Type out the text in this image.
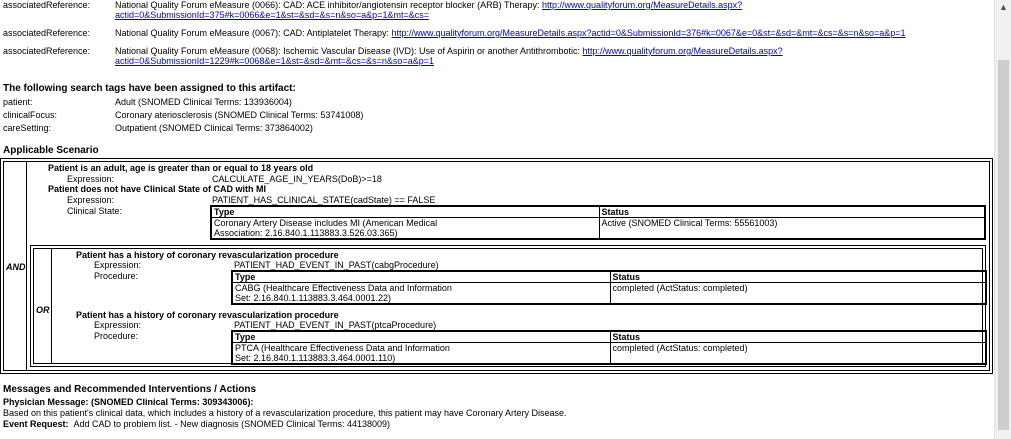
associatedReference:	National Quality Forum eMeasure (0066): CAD: ACE inhibitor/angiotensin receptor blocker (ARB) Therapy: http://www.qualityforum.org/MeasureDetails.aspx?actid=0&SubmissionId=375#k=0066&e=1&st=&sd=&s=n&so=a&p=1&mt=&cs=
associatedReference:	National Quality Forum eMeasure (0067): CAD: Antiplatelet Therapy: http://www.qualityforum.org/MeasureDetails.aspx?actid=0&SubmissionId=376#k=0067&e=0&st=&sd=&mt=&cs=&s=n&so=a&p=1
associatedReference:	National Quality Forum eMeasure (0068): Ischemic Vascular Disease (IVD): Use of Aspirin or another Antithrombotic: http://www.qualityforum.org/MeasureDetails.aspx?actid=0&SubmissionId=1229#k=0068&e=1&st=&sd=&mt=&cs=&s=n&so=a&p=1
The following search tags have been assigned to this artifact:
patient:	Adult (SNOMED Clinical Terms: 133936004)
clinicalFocus:	Coronary ateriosclerosis (SNOMED Clinical Terms: 53741008)
careSetting:	Outpatient (SNOMED Clinical Terms: 373864002)
Applicable Scenario
AND
Patient is an adult, age is greater than or equal to 18 years old
Expression:	CALCULATE_AGE_IN_YEARS(DoB)>=18
Patient does not have Clinical State of CAD with MI
Expression:	PATIENT_HAS_CLINICAL_STATE(cadState) == FALSE
Clinical State:	Type	Status
Coronary Artery Disease includes MI (American Medical
Association: 2.16.840.1.113883.3.526.03.365)	Active (SNOMED Clinical Terms: 55561003)
OR
Patient has a history of coronary revascularization procedure
Expression:	PATIENT_HAD_EVENT_IN_PAST(cabgProcedure)
Procedure:	Type	Status
CABG (Healthcare Effectiveness Data and Information
Set: 2.16.840.1.113883.3.464.0001.22)	completed (ActStatus: completed)
Patient has a history of coronary revascularization procedure
Expression:	PATIENT_HAD_EVENT_IN_PAST(ptcaProcedure)
Procedure:	Type	Status
PTCA (Healthcare Effectiveness Data and Information
Set: 2.16.840.1.113883.3.464.0001.110)	completed (ActStatus: completed)
Messages and Recommended Interventions / Actions
Physician Message: (SNOMED Clinical Terms: 309343006):
Based on this patient's clinical data, which includes a history of a revascularization procedure, this patient may have Coronary Artery Disease.
Event Request: Add CAD to problem list. - New diagnosis (SNOMED Clinical Terms: 44138009)
▲
